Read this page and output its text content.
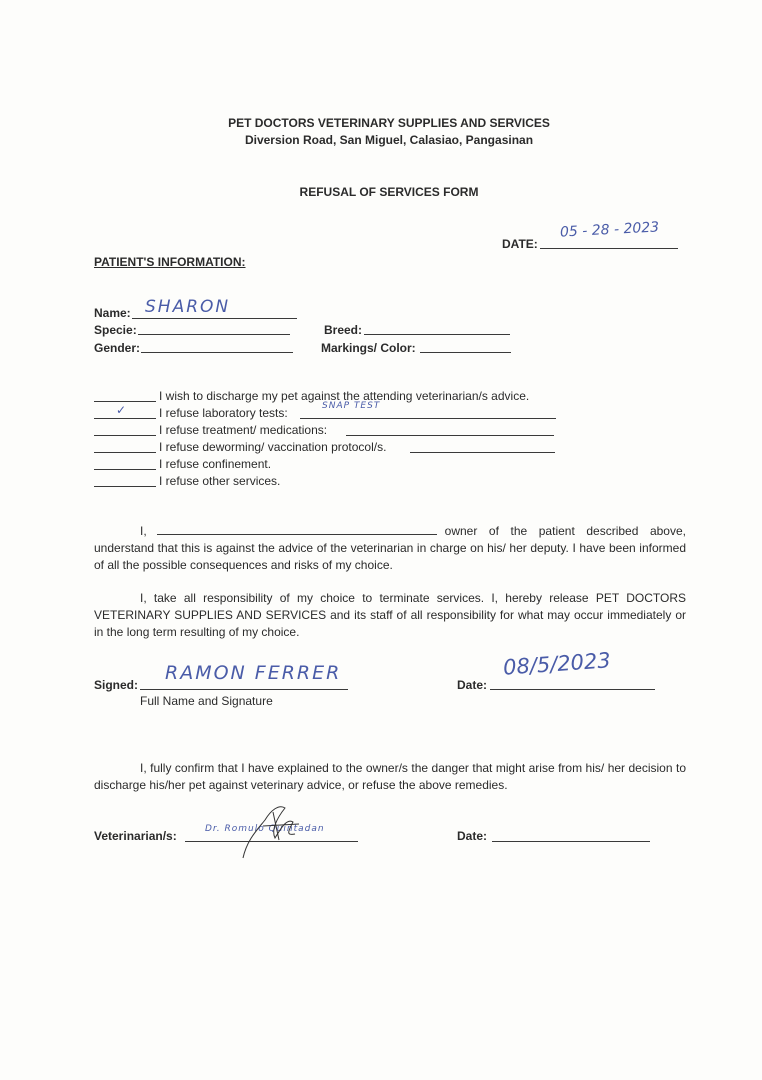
PET DOCTORS VETERINARY SUPPLIES AND SERVICES
Diversion Road, San Miguel, Calasiao, Pangasinan
REFUSAL OF SERVICES FORM
DATE:
05 - 28 - 2023
PATIENT'S INFORMATION:
Name: SHARON
Specie:	Breed:
Gender:	Markings/ Color:
I wish to discharge my pet against the attending veterinarian/s advice.
✓	I refuse laboratory tests:	SNAP TEST
I refuse treatment/ medications:
I refuse deworming/ vaccination protocol/s.
I refuse confinement.
I refuse other services.
I,	owner of the patient described above, understand that this is against the advice of the veterinarian in charge on his/ her deputy. I have been informed of all the possible consequences and risks of my choice.
I, take all responsibility of my choice to terminate services. I, hereby release PET DOCTORS VETERINARY SUPPLIES AND SERVICES and its staff of all responsibility for what may occur immediately or in the long term resulting of my choice.
Signed:
RAMON FERRER
Full Name and Signature
Date:
08/5/2023
I, fully confirm that I have explained to the owner/s the danger that might arise from his/ her decision to discharge his/her pet against veterinary advice, or refuse the above remedies.
Veterinarian/s:	Dr. Romulo Quintadan	Date:
